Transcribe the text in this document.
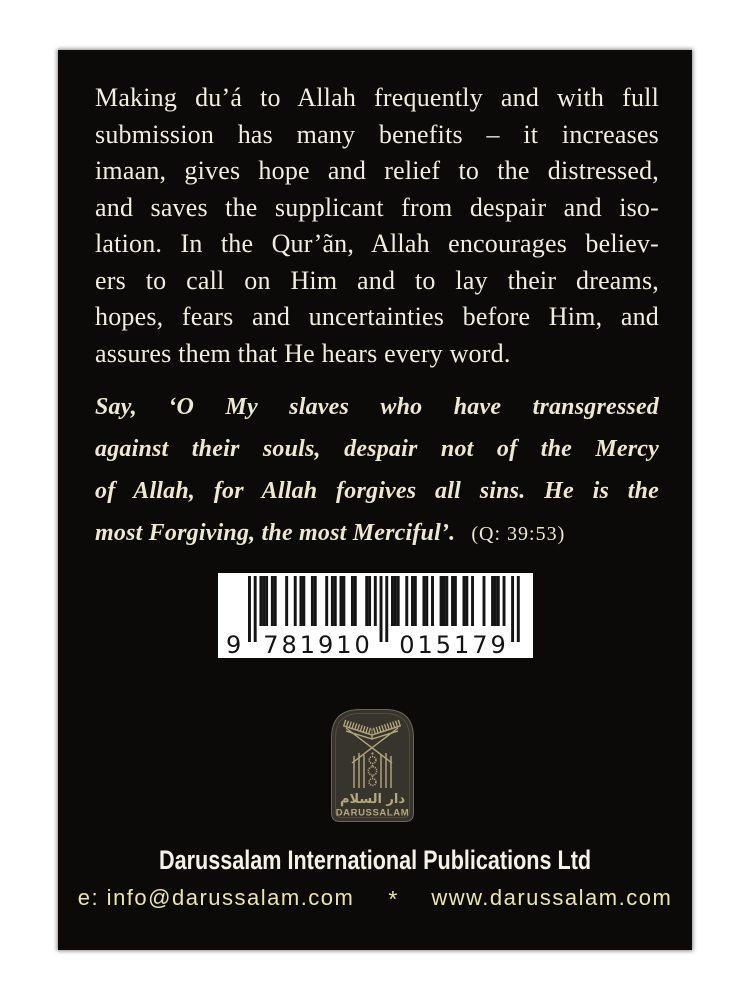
Making du’á to Allah frequently and with full
submission has many benefits – it increases
imaan, gives hope and relief to the distressed,
and saves the supplicant from despair and iso-
lation. In the Qur’ãn, Allah encourages believ-
ers to call on Him and to lay their dreams,
hopes, fears and uncertainties before Him, and
assures them that He hears every word.
Say, ‘O My slaves who have transgressed
against their souls, despair not of the Mercy
of Allah, for Allah forgives all sins. He is the
most Forgiving, the most Merciful’. (Q: 39:53)
9 781910 015179
دار السلام
DARUSSALAM
Darussalam International Publications Ltd
e: info@darussalam.com * www.darussalam.com
